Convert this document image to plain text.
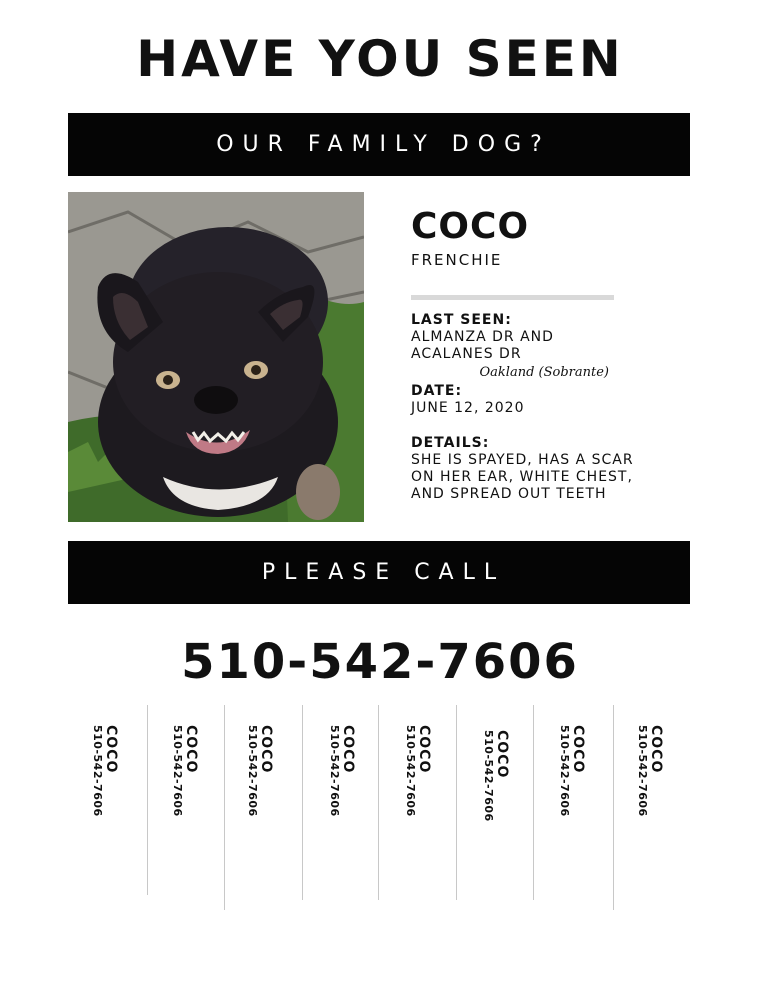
HAVE YOU SEEN
OUR FAMILY DOG?
COCO
FRENCHIE
LAST SEEN:
ALMANZA DR AND
ACALANES DR
Oakland (Sobrante)
DATE:
JUNE 12, 2020
DETAILS:
SHE IS SPAYED, HAS A SCAR ON HER EAR, WHITE CHEST, AND SPREAD OUT TEETH
PLEASE CALL
510-542-7606
COCO
510-542-7606	COCO
510-542-7606	COCO
510-542-7606	COCO
510-542-7606	COCO
510-542-7606	COCO
510-542-7606	COCO
510-542-7606	COCO
510-542-7606
